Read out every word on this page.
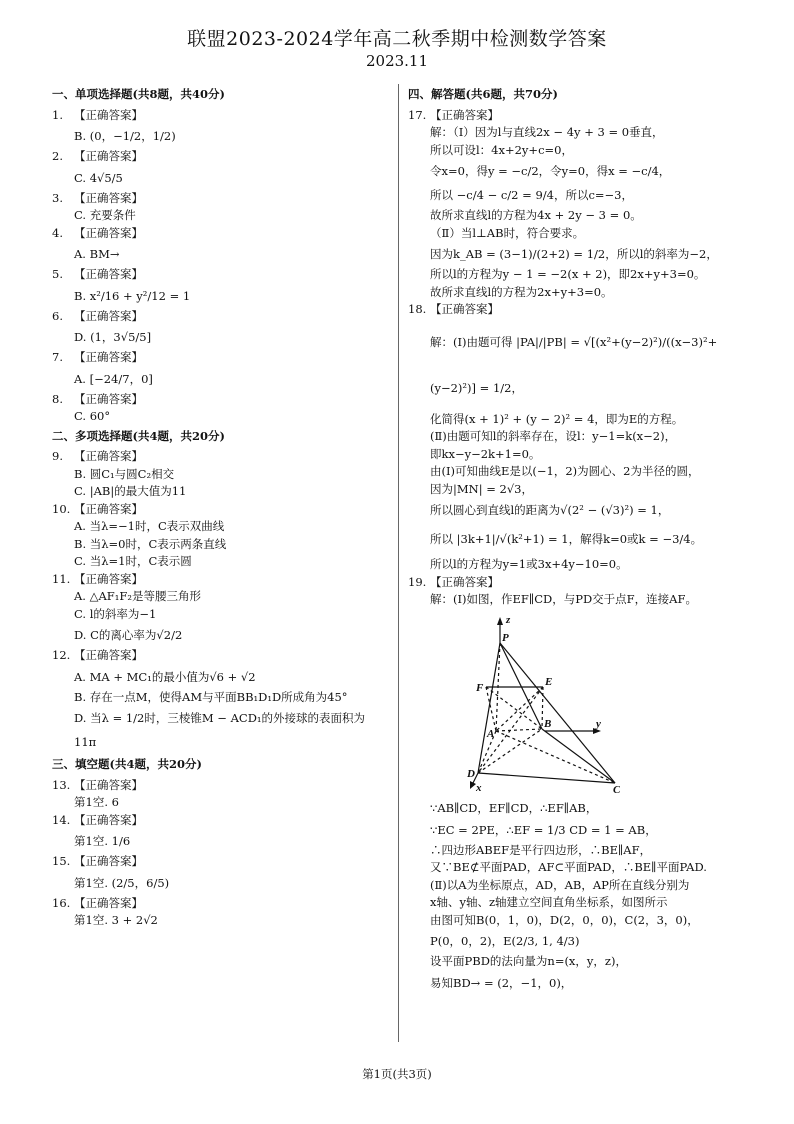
联盟2023-2024学年高二秋季期中检测数学答案
2023.11
一、单项选择题(共8题，共40分)
1. 【正确答案】
B. (0，−1/2，1/2)
2. 【正确答案】
C. 4√5/5
3. 【正确答案】
C. 充要条件
4. 【正确答案】
A. BM→
5. 【正确答案】
B. x²/16 + y²/12 = 1
6. 【正确答案】
D. (1，3√5/5]
7. 【正确答案】
A. [−24/7，0]
8. 【正确答案】
C. 60°
二、多项选择题(共4题，共20分)
9. 【正确答案】
B. 圆C₁与圆C₂相交
C. |AB|的最大值为11
10. 【正确答案】
A. 当λ=−1时，C表示双曲线
B. 当λ=0时，C表示两条直线
C. 当λ=1时，C表示圆
11. 【正确答案】
A. △AF₁F₂是等腰三角形
C. l的斜率为−1
D. C的离心率为√2/2
12. 【正确答案】
A. MA + MC₁的最小值为√6 + √2
B. 存在一点M，使得AM与平面BB₁D₁D所成角为45°
D. 当λ = 1/2时，三棱锥M − ACD₁的外接球的表面积为
11π
三、填空题(共4题，共20分)
13. 【正确答案】
第1空. 6
14. 【正确答案】
第1空. 1/6
15. 【正确答案】
第1空. (2/5，6/5)
16. 【正确答案】
第1空. 3 + 2√2
四、解答题(共6题，共70分)
17. 【正确答案】

解：（Ⅰ）因为l与直线2x − 4y + 3 = 0垂直，

所以可设l：4x+2y+c=0，

令x=0，得y = −c/2，令y=0，得x = −c/4，

所以 −c/4 − c/2 = 9/4，所以c=−3，

故所求直线l的方程为4x + 2y − 3 = 0。

（Ⅱ）当l⊥AB时，符合要求。

因为k_AB = (3−1)/(2+2) = 1/2，所以l的斜率为−2，

所以l的方程为y − 1 = −2(x + 2)，即2x+y+3=0。

故所求直线l的方程为2x+y+3=0。

18. 【正确答案】

解：(Ⅰ)由题可得 |PA|/|PB| = √[(x²+(y−2)²)/((x−3)²+(y−2)²)] = 1/2，

化简得(x + 1)² + (y − 2)² = 4，即为E的方程。

(Ⅱ)由题可知l的斜率存在，设l：y−1=k(x−2)，

即kx−y−2k+1=0。

由(Ⅰ)可知曲线E是以(−1，2)为圆心、2为半径的圆，

因为|MN| = 2√3，

所以圆心到直线l的距离为√(2² − (√3)²) = 1，

所以 |3k+1|/√(k²+1) = 1，解得k=0或k = −3/4。

所以l的方程为y=1或3x+4y−10=0。

19. 【正确答案】

解：(Ⅰ)如图，作EF∥CD，与PD交于点F，连接AF。

z
P
F	E
A
B	y
D
x	C

∵AB∥CD，EF∥CD，∴EF∥AB，

∵EC = 2PE，∴EF = 1/3 CD = 1 = AB，

∴四边形ABEF是平行四边形，∴BE∥AF，

又∵BE⊄平面PAD，AF⊂平面PAD，∴BE∥平面PAD.

(Ⅱ)以A为坐标原点，AD，AB，AP所在直线分别为

x轴、y轴、z轴建立空间直角坐标系，如图所示

由图可知B(0，1，0)，D(2，0，0)，C(2，3，0)，

P(0，0，2)，E(2/3, 1, 4/3)

设平面PBD的法向量为n=(x，y，z)，

易知BD→ = (2，−1，0)，

第1页(共3页)
